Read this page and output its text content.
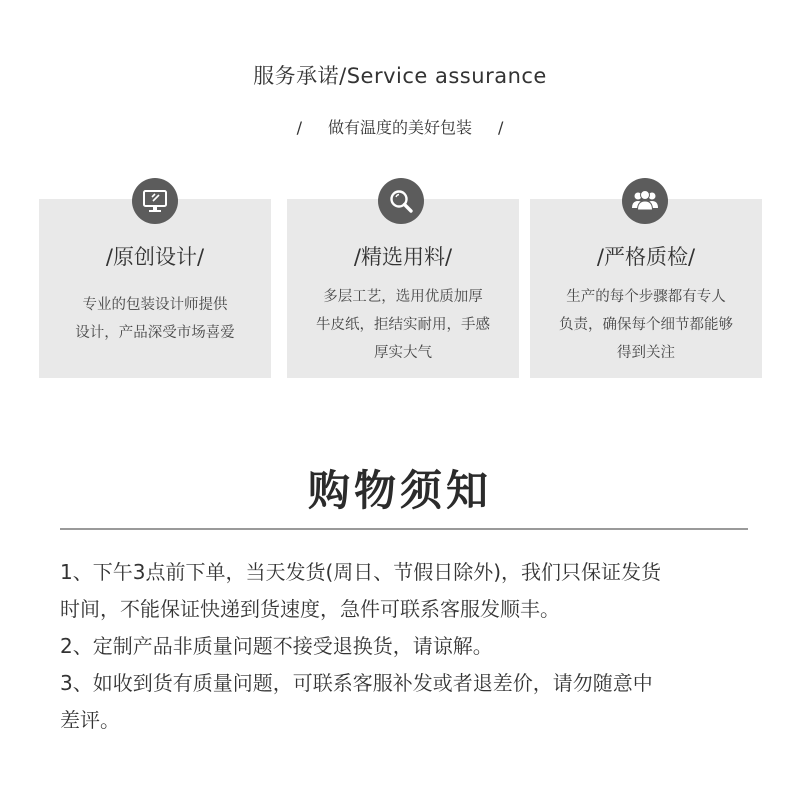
服务承诺/Service assurance
/ 做有温度的美好包装 /
/原创设计/
专业的包装设计师提供
设计，产品深受市场喜爱
/精选用料/
多层工艺，选用优质加厚
牛皮纸，拒结实耐用，手感
厚实大气
/严格质检/
生产的每个步骤都有专人
负责，确保每个细节都能够
得到关注
购物须知

1、下午3点前下单，当天发货(周日、节假日除外)，我们只保证发货

时间，不能保证快递到货速度，急件可联系客服发顺丰。

2、定制产品非质量问题不接受退换货，请谅解。

3、如收到货有质量问题，可联系客服补发或者退差价，请勿随意中

差评。
